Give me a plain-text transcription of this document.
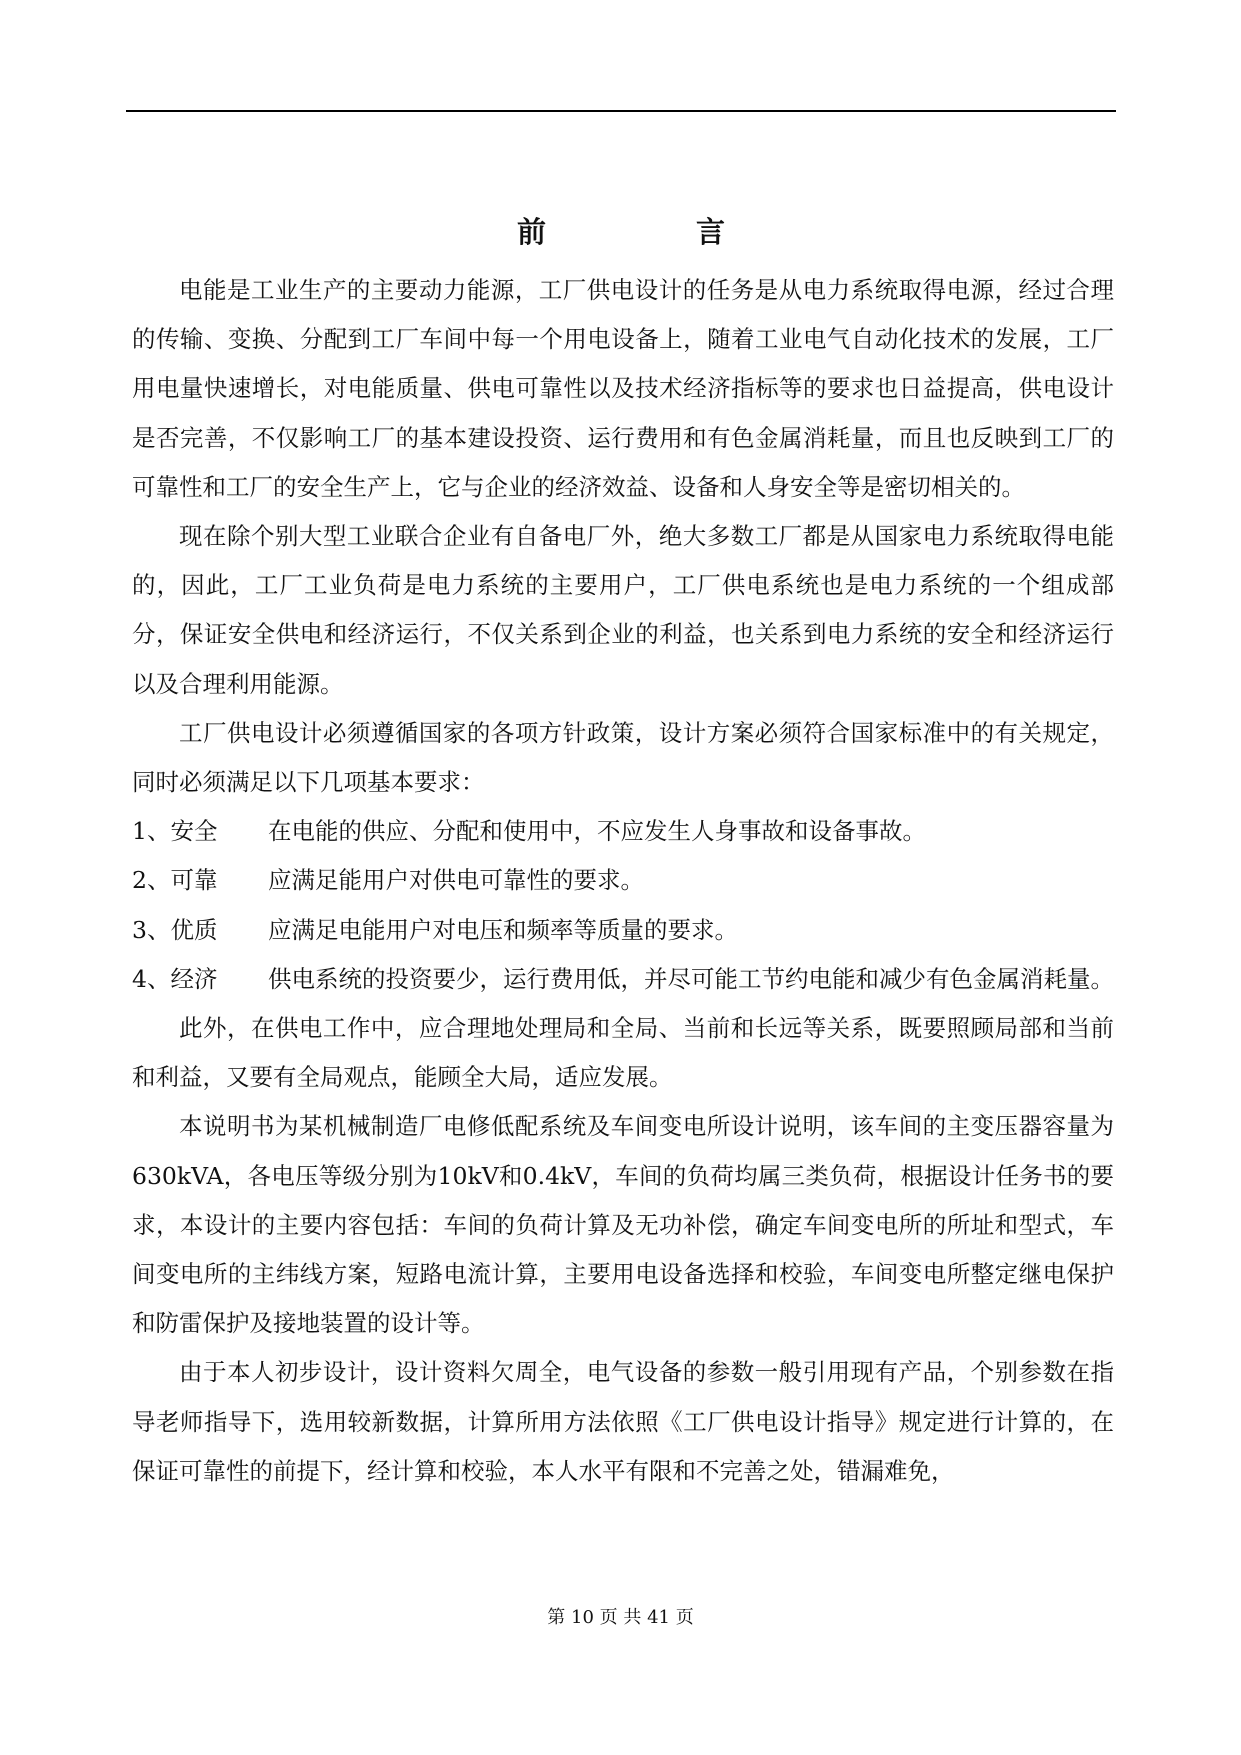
前言

电能是工业生产的主要动力能源，工厂供电设计的任务是从电力系统取得电源，经过合理的传输、变换、分配到工厂车间中每一个用电设备上，随着工业电气自动化技术的发展，工厂用电量快速增长，对电能质量、供电可靠性以及技术经济指标等的要求也日益提高，供电设计是否完善，不仅影响工厂的基本建设投资、运行费用和有色金属消耗量，而且也反映到工厂的可靠性和工厂的安全生产上，它与企业的经济效益、设备和人身安全等是密切相关的。

现在除个别大型工业联合企业有自备电厂外，绝大多数工厂都是从国家电力系统取得电能的，因此，工厂工业负荷是电力系统的主要用户，工厂供电系统也是电力系统的一个组成部分，保证安全供电和经济运行，不仅关系到企业的利益，也关系到电力系统的安全和经济运行以及合理利用能源。

工厂供电设计必须遵循国家的各项方针政策，设计方案必须符合国家标准中的有关规定，同时必须满足以下几项基本要求：

1、安全 在电能的供应、分配和使用中，不应发生人身事故和设备事故。

2、可靠 应满足能用户对供电可靠性的要求。

3、优质 应满足电能用户对电压和频率等质量的要求。

4、经济 供电系统的投资要少，运行费用低，并尽可能工节约电能和减少有色金属消耗量。

此外，在供电工作中，应合理地处理局和全局、当前和长远等关系，既要照顾局部和当前和利益，又要有全局观点，能顾全大局，适应发展。

本说明书为某机械制造厂电修低配系统及车间变电所设计说明，该车间的主变压器容量为630kVA，各电压等级分别为10kV和0.4kV，车间的负荷均属三类负荷，根据设计任务书的要求，本设计的主要内容包括：车间的负荷计算及无功补偿，确定车间变电所的所址和型式，车间变电所的主纬线方案，短路电流计算，主要用电设备选择和校验，车间变电所整定继电保护和防雷保护及接地装置的设计等。

由于本人初步设计，设计资料欠周全，电气设备的参数一般引用现有产品，个别参数在指导老师指导下，选用较新数据，计算所用方法依照《工厂供电设计指导》规定进行计算的，在保证可靠性的前提下，经计算和校验，本人水平有限和不完善之处，错漏难免，

第 10 页 共 41 页
